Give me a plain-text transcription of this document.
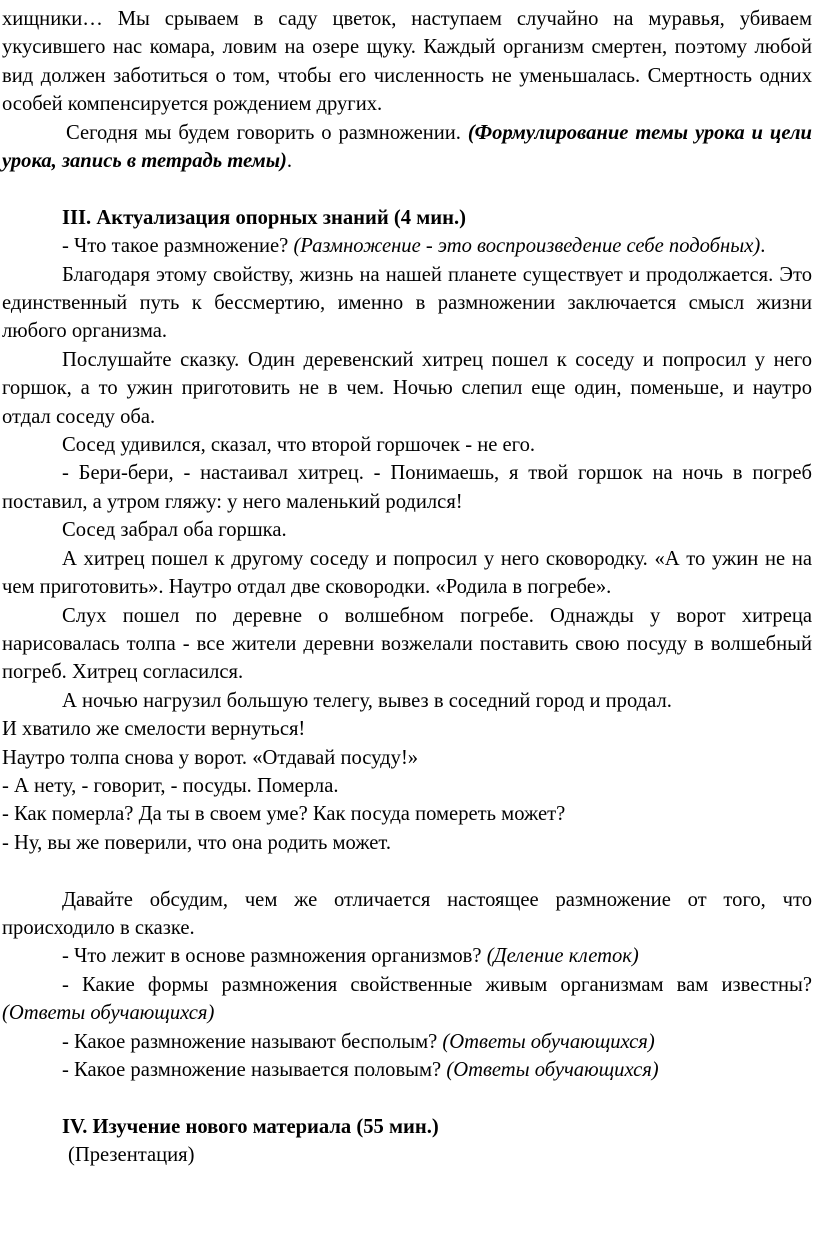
хищники… Мы срываем в саду цветок, наступаем случайно на муравья, убиваем укусившего нас комара, ловим на озере щуку. Каждый организм смертен, поэтому любой вид должен заботиться о том, чтобы его численность не уменьшалась. Смертность одних особей компенсируется рождением других.

Сегодня мы будем говорить о размножении. (Формулирование темы урока и цели урока, запись в тетрадь темы).

III. Актуализация опорных знаний (4 мин.)

- Что такое размножение? (Размножение - это воспроизведение себе подобных).

Благодаря этому свойству, жизнь на нашей планете существует и продолжается. Это единственный путь к бессмертию, именно в размножении заключается смысл жизни любого организма.

Послушайте сказку. Один деревенский хитрец пошел к соседу и попросил у него горшок, а то ужин приготовить не в чем. Ночью слепил еще один, поменьше, и наутро отдал соседу оба.

Сосед удивился, сказал, что второй горшочек - не его.

- Бери-бери, - настаивал хитрец. - Понимаешь, я твой горшок на ночь в погреб поставил, а утром гляжу: у него маленький родился!

Сосед забрал оба горшка.

А хитрец пошел к другому соседу и попросил у него сковородку. «А то ужин не на чем приготовить». Наутро отдал две сковородки. «Родила в погребе».

Слух пошел по деревне о волшебном погребе. Однажды у ворот хитреца нарисовалась толпа - все жители деревни возжелали поставить свою посуду в волшебный погреб. Хитрец согласился.

А ночью нагрузил большую телегу, вывез в соседний город и продал.

И хватило же смелости вернуться!

Наутро толпа снова у ворот. «Отдавай посуду!»

- А нету, - говорит, - посуды. Померла.

- Как померла? Да ты в своем уме? Как посуда помереть может?

- Ну, вы же поверили, что она родить может.

Давайте обсудим, чем же отличается настоящее размножение от того, что происходило в сказке.

- Что лежит в основе размножения организмов? (Деление клеток)

- Какие формы размножения свойственные живым организмам вам известны? (Ответы обучающихся)

- Какое размножение называют бесполым? (Ответы обучающихся)

- Какое размножение называется половым? (Ответы обучающихся)

IV. Изучение нового материала (55 мин.)

(Презентация)
